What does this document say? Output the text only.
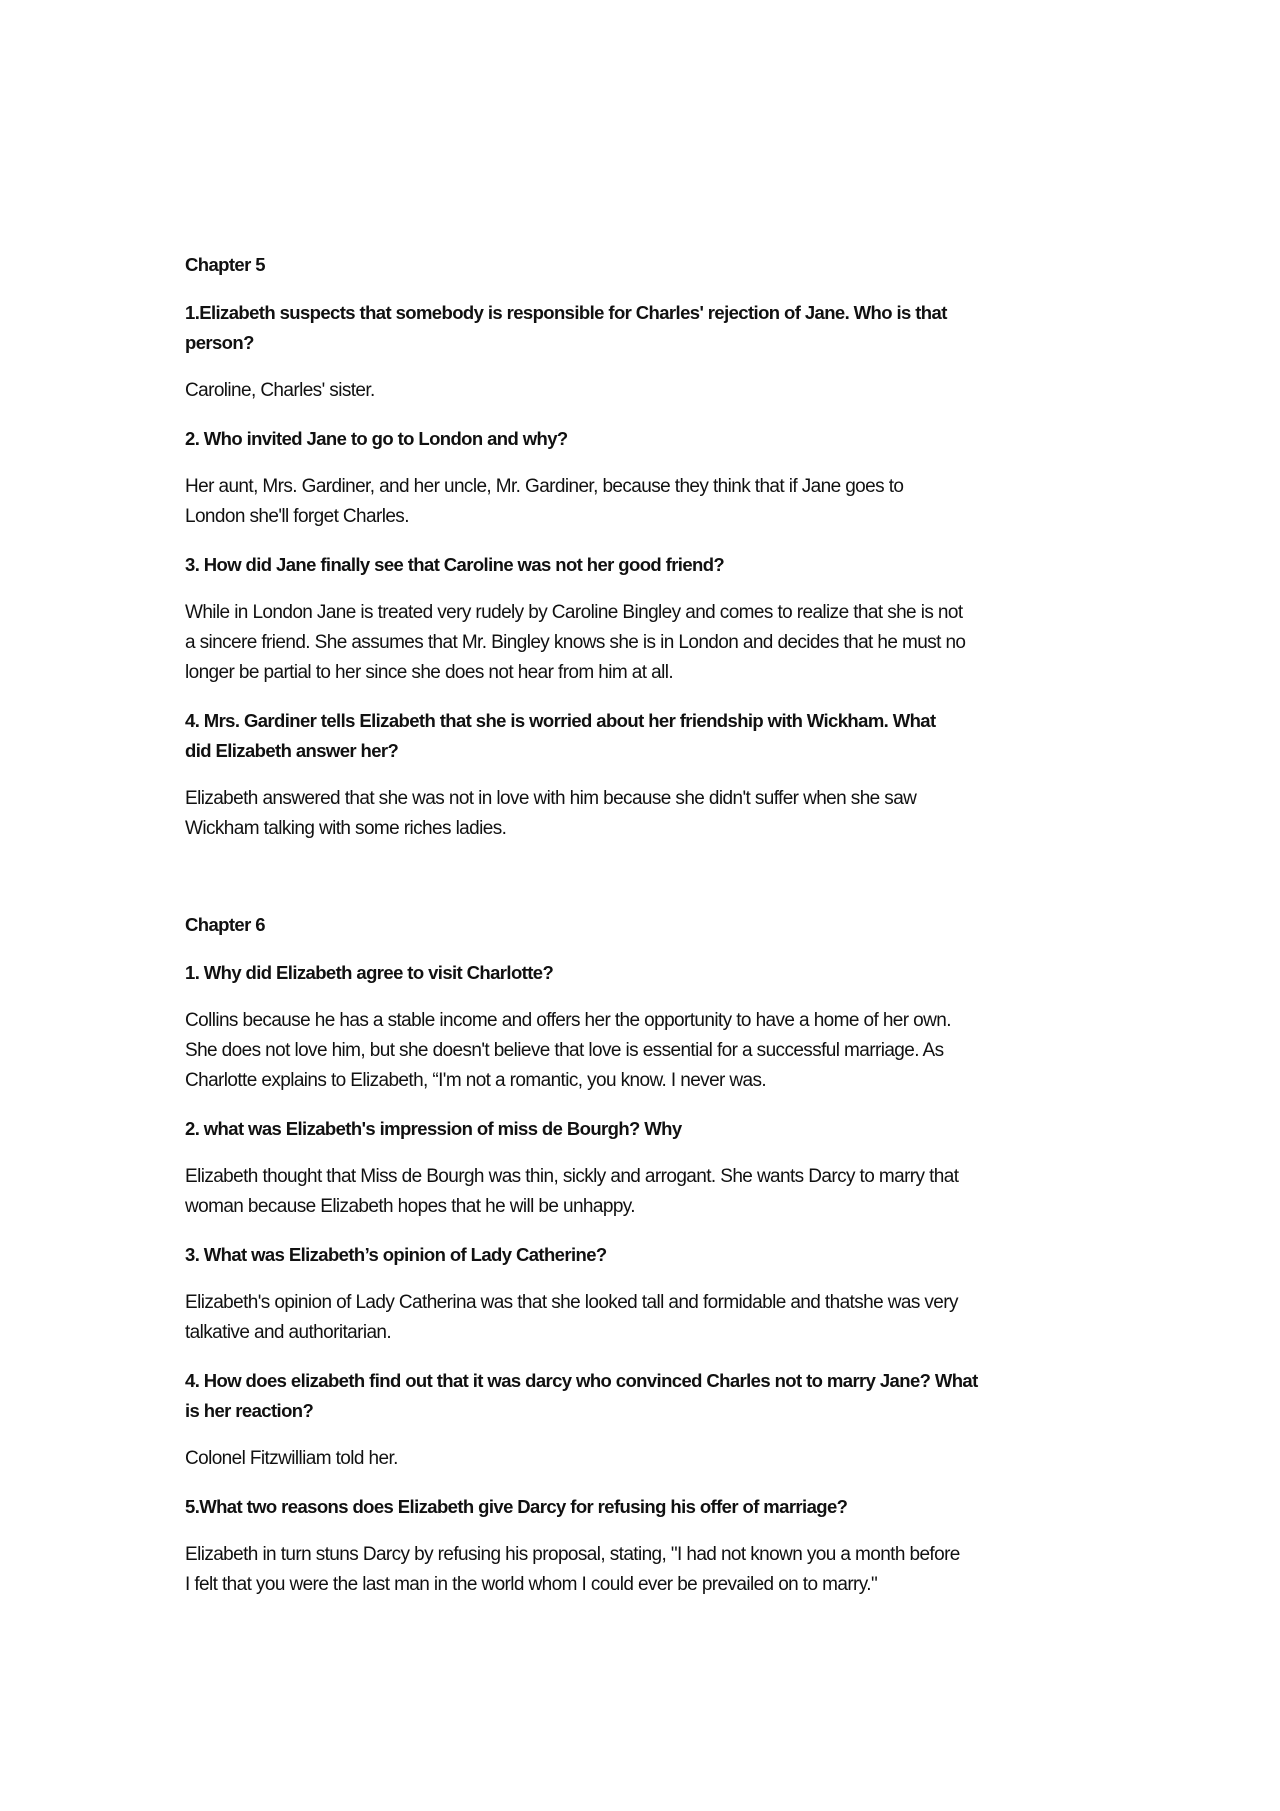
Chapter 5

1.Elizabeth suspects that somebody is responsible for Charles' rejection of Jane. Who is that
person?

Caroline, Charles' sister.

2. Who invited Jane to go to London and why?

Her aunt, Mrs. Gardiner, and her uncle, Mr. Gardiner, because they think that if Jane goes to
London she'll forget Charles.

3. How did Jane finally see that Caroline was not her good friend?

While in London Jane is treated very rudely by Caroline Bingley and comes to realize that she is not
a sincere friend. She assumes that Mr. Bingley knows she is in London and decides that he must no
longer be partial to her since she does not hear from him at all.

4. Mrs. Gardiner tells Elizabeth that she is worried about her friendship with Wickham. What
did Elizabeth answer her?

Elizabeth answered that she was not in love with him because she didn't suffer when she saw
Wickham talking with some riches ladies.

Chapter 6

1. Why did Elizabeth agree to visit Charlotte?

Collins because he has a stable income and offers her the opportunity to have a home of her own.
She does not love him, but she doesn't believe that love is essential for a successful marriage. As
Charlotte explains to Elizabeth, “I'm not a romantic, you know. I never was.

2. what was Elizabeth's impression of miss de Bourgh? Why

Elizabeth thought that Miss de Bourgh was thin, sickly and arrogant. She wants Darcy to marry that
woman because Elizabeth hopes that he will be unhappy.

3. What was Elizabeth’s opinion of Lady Catherine?

Elizabeth's opinion of Lady Catherina was that she looked tall and formidable and thatshe was very
talkative and authoritarian.

4. How does elizabeth find out that it was darcy who convinced Charles not to marry Jane? What
is her reaction?

Colonel Fitzwilliam told her.

5.What two reasons does Elizabeth give Darcy for refusing his offer of marriage?

Elizabeth in turn stuns Darcy by refusing his proposal, stating, "I had not known you a month before
I felt that you were the last man in the world whom I could ever be prevailed on to marry."
